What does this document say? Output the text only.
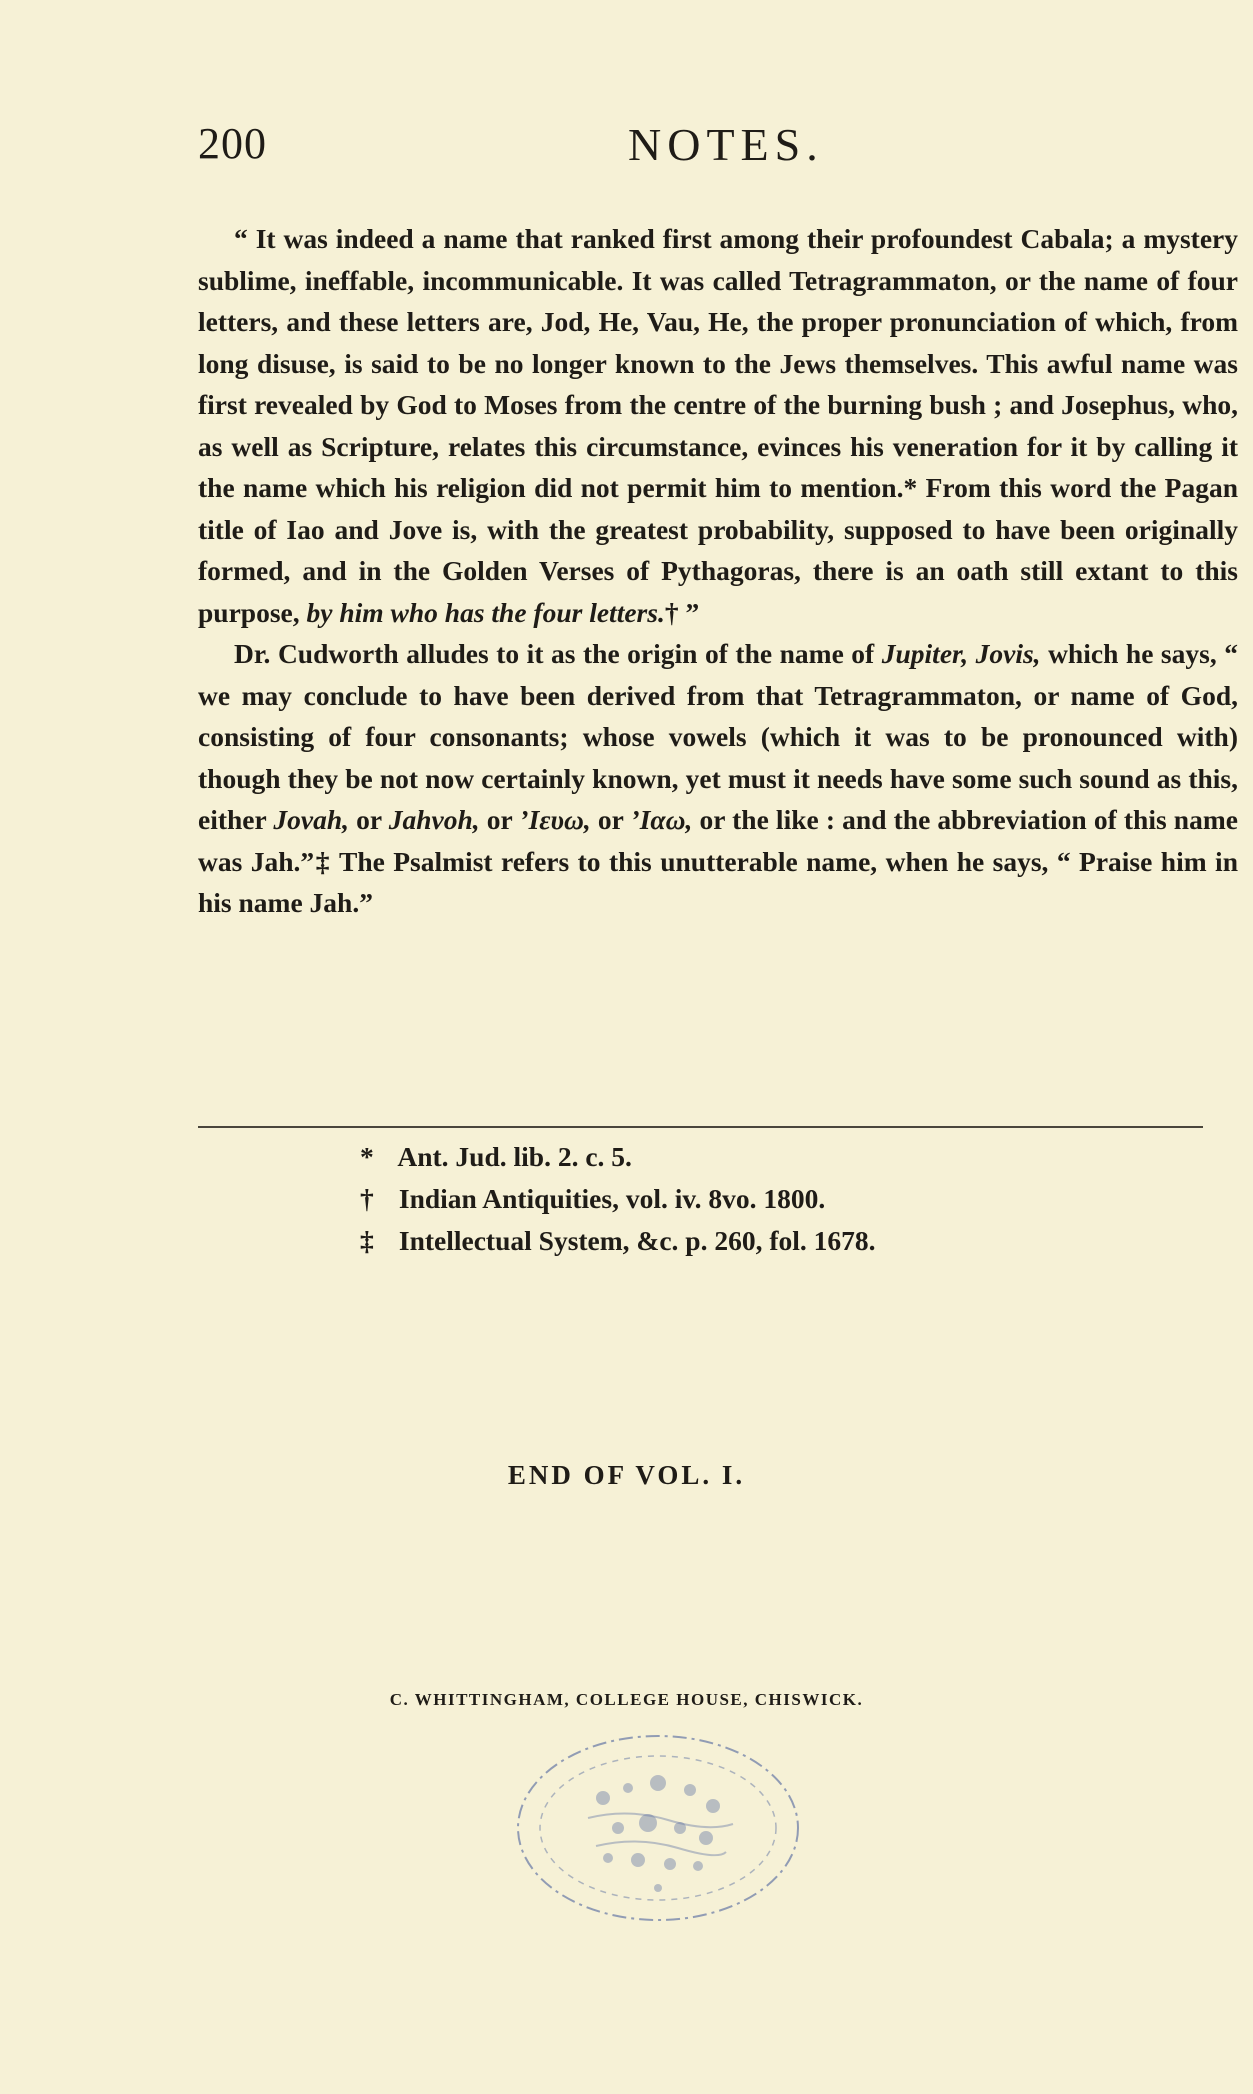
200	NOTES.

“ It was indeed a name that ranked first among their profoundest Cabala; a mystery sublime, ineffable, incommunicable. It was called Tetragrammaton, or the name of four letters, and these letters are, Jod, He, Vau, He, the proper pronunciation of which, from long disuse, is said to be no longer known to the Jews themselves. This awful name was first revealed by God to Moses from the centre of the burning bush ; and Josephus, who, as well as Scripture, relates this circumstance, evinces his veneration for it by calling it the name which his religion did not permit him to mention.* From this word the Pagan title of Iao and Jove is, with the greatest probability, supposed to have been originally formed, and in the Golden Verses of Pythagoras, there is an oath still extant to this purpose, by him who has the four letters.† ”

Dr. Cudworth alludes to it as the origin of the name of Jupiter, Jovis, which he says, “ we may conclude to have been derived from that Tetragrammaton, or name of God, consisting of four consonants; whose vowels (which it was to be pronounced with) though they be not now certainly known, yet must it needs have some such sound as this, either Jovah, or Jahvoh, or ’Ιευω, or ’Ιαω, or the like : and the abbreviation of this name was Jah.”‡ The Psalmist refers to this unutterable name, when he says, “ Praise him in his name Jah.”

* Ant. Jud. lib. 2. c. 5.
† Indian Antiquities, vol. iv. 8vo. 1800.
‡ Intellectual System, &c. p. 260, fol. 1678.
END OF VOL. I.
C. WHITTINGHAM, COLLEGE HOUSE, CHISWICK.
